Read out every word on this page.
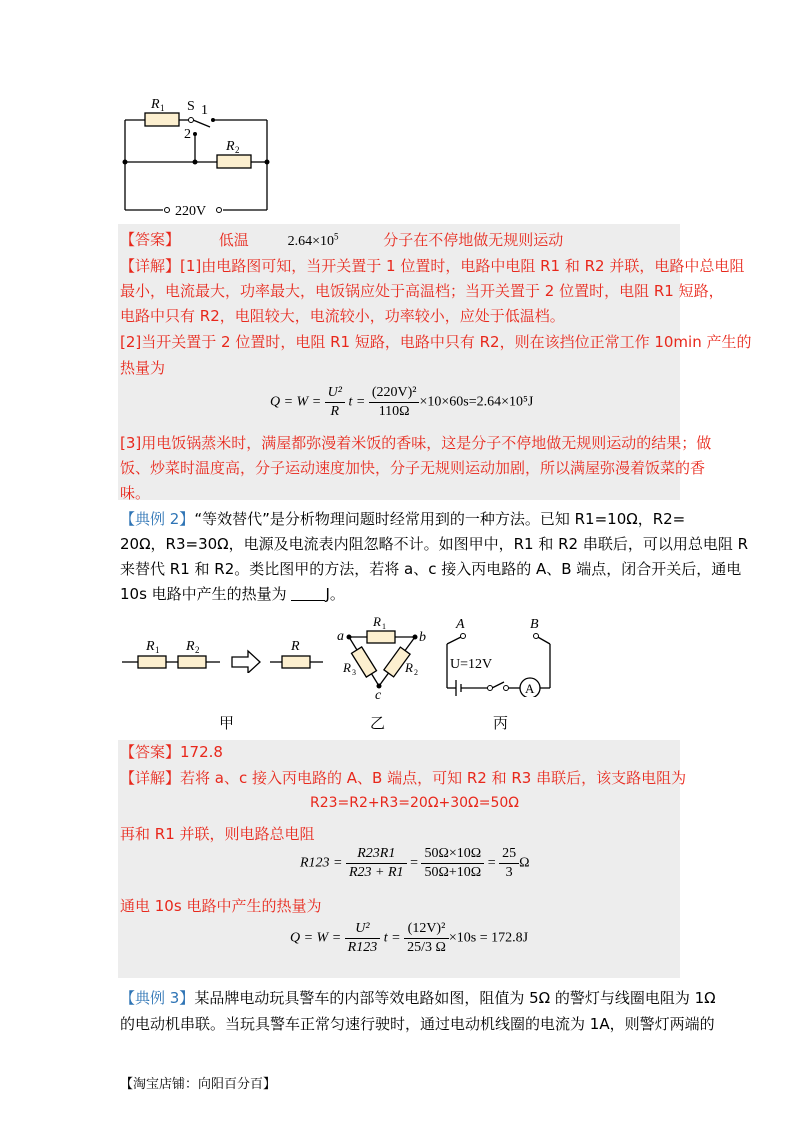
R 1 S 1
2
R 2
220V
【答案】	低温	$2.64\times 10^5$	分子在不停地做无规则运动
【详解】[1]由电路图可知，当开关置于 1 位置时，电路中电阻 R1 和 R2 并联，电路中总电阻
最小，电流最大，功率最大，电饭锅应处于高温档；当开关置于 2 位置时，电阻 R1 短路，
电路中只有 R2，电阻较大，电流较小，功率较小，应处于低温档。
[2]当开关置于 2 位置时，电阻 R1 短路，电路中只有 R2，则在该挡位正常工作 10min 产生的
热量为
$Q = W = \frac{\text{U²}}{R}$ $t = \frac{\text{(220V)²}}{110\Omega} \times 10\times 60s=2.64\times 10^5J$
[3]用电饭锅蒸米时，满屋都弥漫着米饭的香味，这是分子不停地做无规则运动的结果；做
饭、炒菜时温度高，分子运动速度加快，分子无规则运动加剧，所以满屋弥漫着饭菜的香
味。
【典例 2】“等效替代”是分析物理问题时经常用到的一种方法。已知 R1=10Ω，R2=
20Ω，R3=30Ω，电源及电流表内阻忽略不计。如图甲中，R1 和 R2 串联后，可以用总电阻 R
来替代 R1 和 R2。类比图甲的方法，若将 a、c 接入丙电路的 A、B 端点，闭合开关后，通电
10s 电路中产生的热量为	J。
R 1 R 2	R
R 1
a	b
c
R 3	R 2
A	B
U=12V
A
甲	乙	丙
【答案】172.8
【详解】若将 a、c 接入丙电路的 A、B 端点，可知 R2 和 R3 串联后，该支路电阻为
R23=R2+R3=20Ω+30Ω=50Ω
再和 R1 并联，则电路总电阻
$R123 = \frac{R23R1}{R23 + R1} = \frac{50\Omega\times 10\Omega}{50\Omega+10\Omega} = \frac{25}{3}$ Ω
通电 10s 电路中产生的热量为
$Q = W = \frac{\text{U²}}{R123}$ $t = \frac{\text{(12V)²}}{25/3 \Omega} \times 10s = 172.8J$
【典例 3】某品牌电动玩具警车的内部等效电路如图，阻值为 5Ω 的警灯与线圈电阻为 1Ω
的电动机串联。当玩具警车正常匀速行驶时，通过电动机线圈的电流为 1A，则警灯两端的
【淘宝店铺：向阳百分百】
